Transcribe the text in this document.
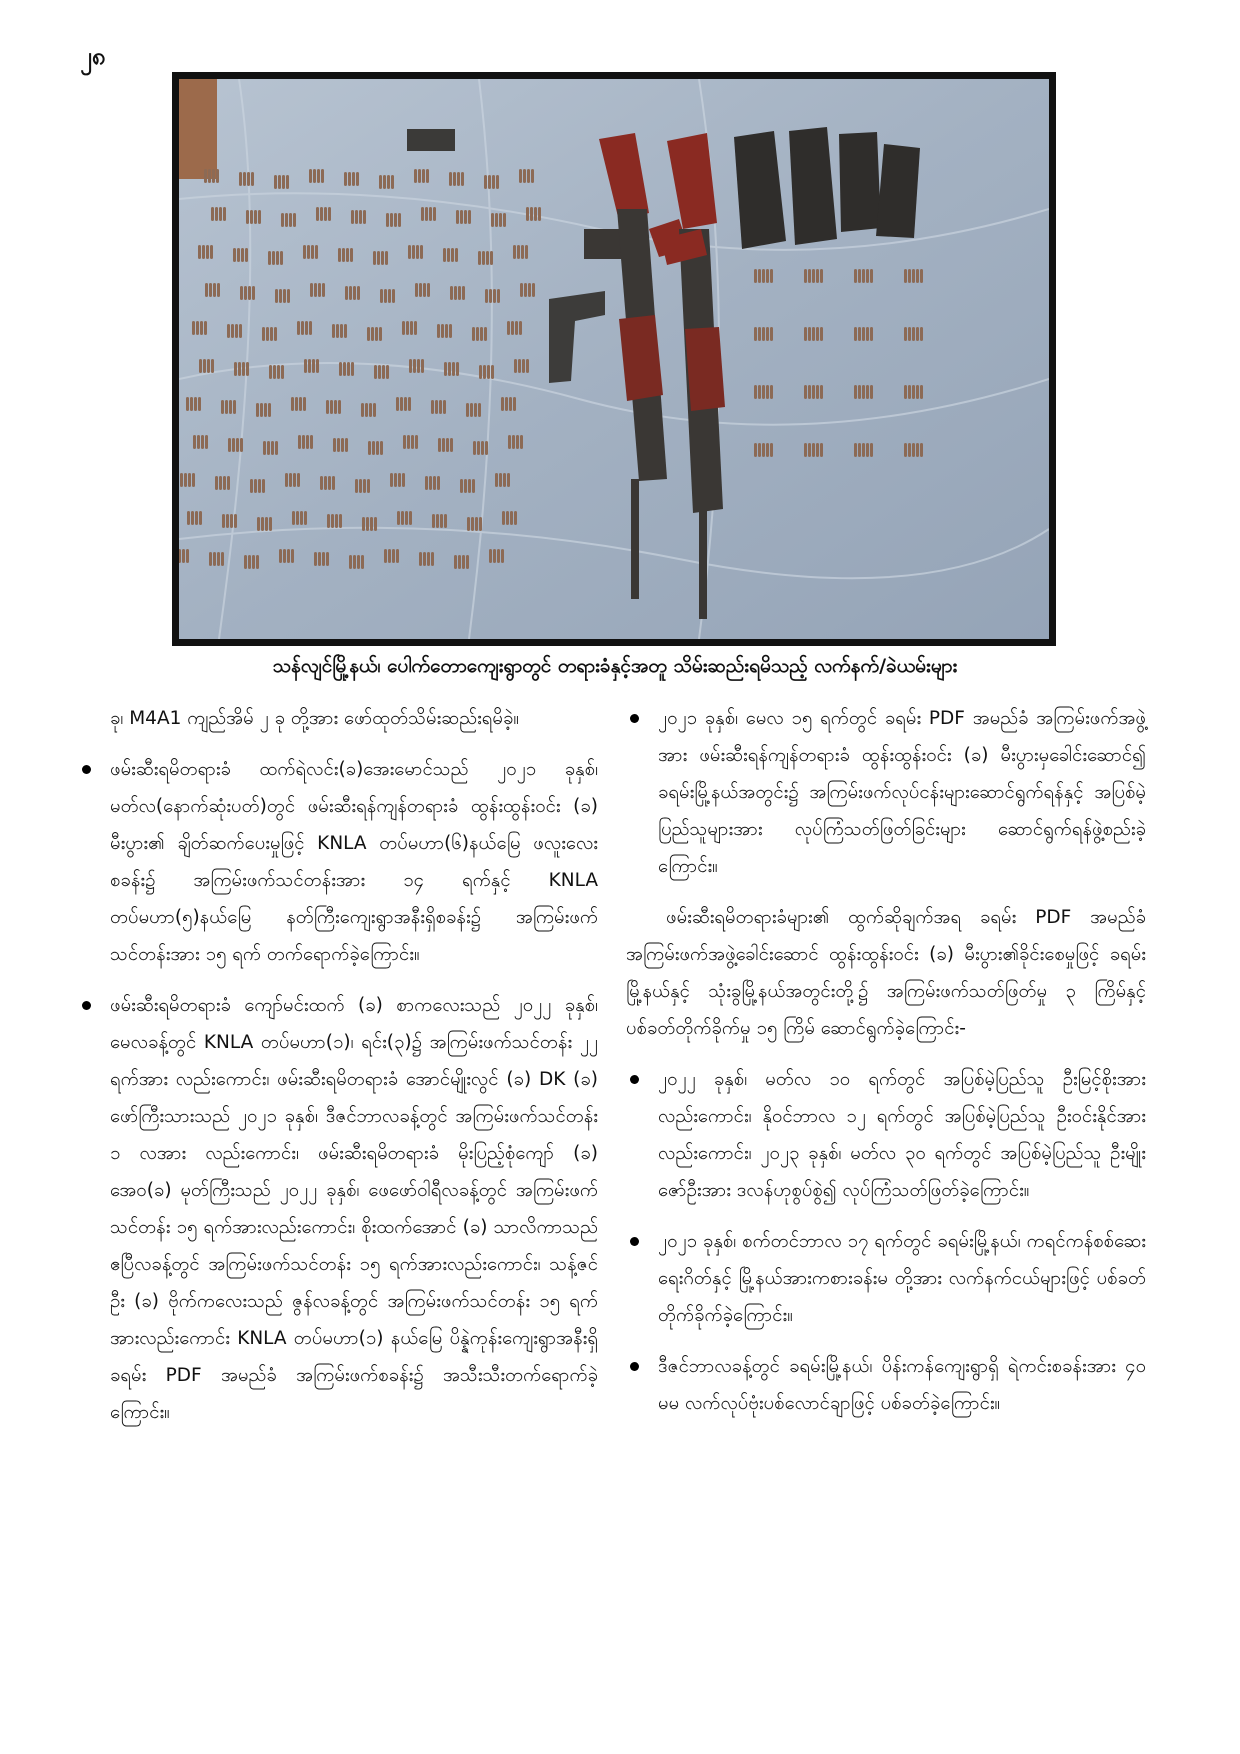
၂၈
သန်လျင်မြို့နယ်၊ ပေါက်တောကျေးရွာတွင် တရားခံနှင့်အတူ သိမ်းဆည်းရမိသည့် လက်နက်/ခဲယမ်းများ

ခု၊ M4A1 ကျည်အိမ် ၂ ခု တို့အား ဖော်ထုတ်သိမ်းဆည်းရမိခဲ့။

ဖမ်းဆီးရမိတရားခံ ထက်ရဲလင်း(ခ)အေးမောင်သည် ၂၀၂၁ ခုနှစ်၊ မတ်လ(နောက်ဆုံးပတ်)တွင် ဖမ်းဆီးရန်ကျန်တရားခံ ထွန်းထွန်းဝင်း (ခ) မီးပွား၏ ချိတ်ဆက်ပေးမှုဖြင့် KNLA တပ်မဟာ(၆)နယ်မြေ ဖလူးလေးစခန်း၌ အကြမ်းဖက်သင်တန်းအား ၁၄ ရက်နှင့် KNLA တပ်မဟာ(၅)နယ်မြေ နတ်ကြီးကျေးရွာအနီးရှိစခန်း၌ အကြမ်းဖက်သင်တန်းအား ၁၅ ရက် တက်ရောက်ခဲ့ကြောင်း။
ဖမ်းဆီးရမိတရားခံ ကျော်မင်းထက် (ခ) စာကလေးသည် ၂၀၂၂ ခုနှစ်၊ မေလခန့်တွင် KNLA တပ်မဟာ(၁)၊ ရင်း(၃)၌ အကြမ်းဖက်သင်တန်း ၂၂ ရက်အား လည်းကောင်း၊ ဖမ်းဆီးရမိတရားခံ အောင်မျိုးလွင် (ခ) DK (ခ) ဖော်ကြီးသားသည် ၂၀၂၁ ခုနှစ်၊ ဒီဇင်ဘာလခန့်တွင် အကြမ်းဖက်သင်တန်း ၁ လအား လည်းကောင်း၊ ဖမ်းဆီးရမိတရားခံ မိုးပြည့်စုံကျော် (ခ) အေ၀(ခ) မုတ်ကြီးသည် ၂၀၂၂ ခုနှစ်၊ ဖေဖော်ဝါရီလခန့်တွင် အကြမ်းဖက်သင်တန်း ၁၅ ရက်အားလည်းကောင်း၊ စိုးထက်အောင် (ခ) သာလိကာသည် ဧပြီလခန့်တွင် အကြမ်းဖက်သင်တန်း ၁၅ ရက်အားလည်းကောင်း၊ သန့်ဇင်ဦး (ခ) ဗိုက်ကလေးသည် ဇွန်လခန့်တွင် အကြမ်းဖက်သင်တန်း ၁၅ ရက်အားလည်းကောင်း KNLA တပ်မဟာ(၁) နယ်မြေ ပိန္နဲကုန်းကျေးရွာအနီးရှိ ခရမ်း PDF အမည်ခံ အကြမ်းဖက်စခန်း၌ အသီးသီးတက်ရောက်ခဲ့ကြောင်း။
၂၀၂၁ ခုနှစ်၊ မေလ ၁၅ ရက်တွင် ခရမ်း PDF အမည်ခံ အကြမ်းဖက်အဖွဲ့အား ဖမ်းဆီးရန်ကျန်တရားခံ ထွန်းထွန်းဝင်း (ခ) မီးပွားမှခေါင်းဆောင်၍ ခရမ်းမြို့နယ်အတွင်း၌ အကြမ်းဖက်လုပ်ငန်းများဆောင်ရွက်ရန်နှင့် အပြစ်မဲ့ပြည်သူများအား လုပ်ကြံသတ်ဖြတ်ခြင်းများ ဆောင်ရွက်ရန်ဖွဲ့စည်းခဲ့ကြောင်း။

ဖမ်းဆီးရမိတရားခံများ၏ ထွက်ဆိုချက်အရ ခရမ်း PDF အမည်ခံ အကြမ်းဖက်အဖွဲ့ခေါင်းဆောင် ထွန်းထွန်းဝင်း (ခ) မီးပွား၏ခိုင်းစေမှုဖြင့် ခရမ်းမြို့နယ်နှင့် သုံးခွမြို့နယ်အတွင်းတို့၌ အကြမ်းဖက်သတ်ဖြတ်မှု ၃ ကြိမ်နှင့် ပစ်ခတ်တိုက်ခိုက်မှု ၁၅ ကြိမ် ဆောင်ရွက်ခဲ့ကြောင်း-

၂၀၂၂ ခုနှစ်၊ မတ်လ ၁၀ ရက်တွင် အပြစ်မဲ့ပြည်သူ ဦးမြင့်စိုးအားလည်းကောင်း၊ နိုဝင်ဘာလ ၁၂ ရက်တွင် အပြစ်မဲ့ပြည်သူ ဦးဝင်းနိုင်အားလည်းကောင်း၊ ၂၀၂၃ ခုနှစ်၊ မတ်လ ၃၀ ရက်တွင် အပြစ်မဲ့ပြည်သူ ဦးမျိုးဇော်ဦးအား ဒလန်ဟုစွပ်စွဲ၍ လုပ်ကြံသတ်ဖြတ်ခဲ့ကြောင်း။
၂၀၂၁ ခုနှစ်၊ စက်တင်ဘာလ ၁၇ ရက်တွင် ခရမ်းမြို့နယ်၊ ကရင်ကန်စစ်ဆေး ရေးဂိတ်နှင့် မြို့နယ်အားကစားခန်းမ တို့အား လက်နက်ငယ်များဖြင့် ပစ်ခတ်တိုက်ခိုက်ခဲ့ကြောင်း။
ဒီဇင်ဘာလခန့်တွင် ခရမ်းမြို့နယ်၊ ပိန်းကန်ကျေးရွာရှိ ရဲကင်းစခန်းအား ၄၀ မမ လက်လုပ်ဗုံးပစ်လောင်ချာဖြင့် ပစ်ခတ်ခဲ့ကြောင်း။
